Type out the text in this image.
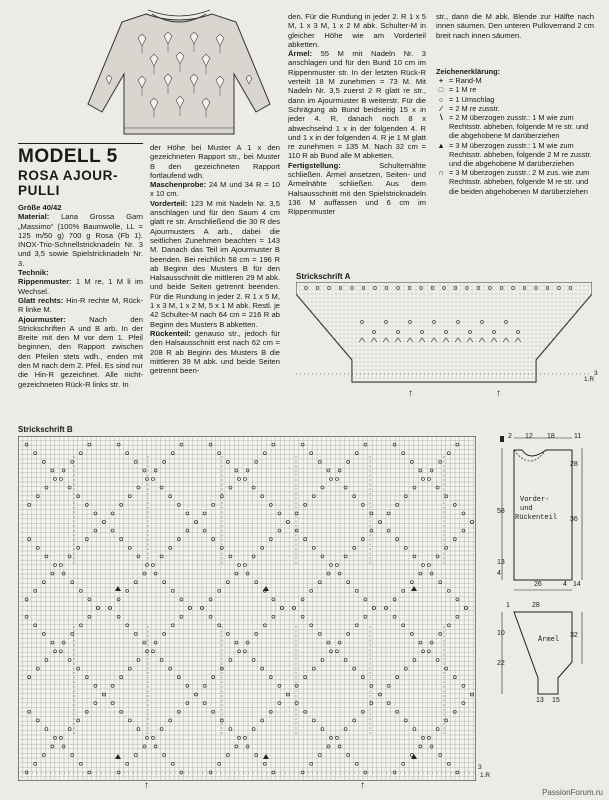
MODELL 5
ROSA AJOUR-PULLI

Größe 40/42

Material: Lana Grossa Garn „Massimo“ (100% Baumwolle, LL = 125 m/50 g) 700 g Rosa (Fb 1). INOX-Trio-Schnellstricknadeln Nr. 3 und 3,5 sowie Spielstricknadeln Nr. 3.

Technik:

Rippenmuster: 1 M re, 1 M li im Wechsel.

Glatt rechts: Hin-R rechte M, Rück-R linke M.

Ajourmuster: Nach den Strickschriften A und B arb. In der Breite mit den M vor dem 1. Pfeil beginnen, den Rapport zwischen den Pfeilen stets wdh., enden mit den M nach dem 2. Pfeil. Es sind nur die Hin-R gezeichnet. Alle nicht-gezeichneten Rück-R links str. In

der Höhe bei Muster A 1 x den gezeichneten Rapport str., bei Muster B den gezeichneten Rapport fortlaufend wdh.

Maschenprobe: 24 M und 34 R = 10 x 10 cm.

Vorderteil: 123 M mit Nadeln Nr. 3,5 anschlagen und für den Saum 4 cm glatt re str. Anschließend die 30 R des Ajourmusters A arb., dabei die seitlichen Zunehmen beachten = 143 M. Danach das Teil im Ajourmuster B beenden. Bei reichlich 58 cm = 196 R ab Beginn des Musters B für den Halsausschnitt die mittleren 29 M abk. und beide Seiten getrennt beenden. Für die Rundung in jeder 2. R 1 x 5 M, 1 x 3 M, 1 x 2 M, 5 x 1 M abk. Restl. je 42 Schulter-M nach 64 cm = 216 R ab Beginn des Musters B abketten.

Rückenteil: genauso str., jedoch für den Halsausschnitt erst nach 62 cm = 208 R ab Beginn des Musters B die mittleren 39 M abk. und beide Seiten getrennt been-

den. Für die Rundung in jeder 2. R 1 x 5 M, 1 x 3 M, 1 x 2 M abk. Schulter-M in gleicher Höhe wie am Vorderteil abketten.

Ärmel: 55 M mit Nadeln Nr. 3 anschlagen und für den Bund 10 cm im Rippenmuster str. In der letzten Rück-R verteilt 18 M zunehmen = 73 M. Mit Nadeln Nr. 3,5 zuerst 2 R glatt re str., dann im Ajourmuster B weiterstr. Für die Schrägung ab Bund beidseitig 15 x in jeder 4. R, danach noch 8 x abwechselnd 1 x in der folgenden 4. R und 1 x in der folgenden 4. R je 1 M glatt re zunehmen = 135 M. Nach 32 cm = 110 R ab Bund alle M abketten.

Fertigstellung: Schulternähte schließen. Ärmel ansetzen, Seiten- und Ärmelnähte schließen. Aus dem Halsausschnitt mit den Spielstricknadeln 136 M auffassen und 6 cm im Rippenmuster

str., dann die M abk. Blende zur Hälfte nach innen säumen. Den unteren Pulloverrand 2 cm breit nach innen säumen.

Zeichenerklärung:
+ = Rand-M
□ = 1 M re
○ = 1 Umschlag
∕ = 2 M re zusstr.
∖ = 2 M überzogen zusstr.: 1 M wie zum Rechtsstr. abheben, folgende M re str. und die abgehobene M darüberziehen
▲ = 3 M überzogen zusstr.: 1 M wie zum Rechtsstr. abheben, folgende 2 M re zusstr. und die abgehobene M darüberziehen
∩ = 3 M überzogen zusstr.: 2 M zus. wie zum Rechtsstr. abheben, folgende M re str. und die beiden abgehobenen M darüberziehen
Strickschrift A
3
1.R
Strickschrift B
3
1.R
↑	↑
↑	↑
Vorder-
und
Rückenteil
12 18	11
2
28
36
58
13
4
26	4 14
Ärmel
28
32
10
22
13 15
1
PassionForum.ru
